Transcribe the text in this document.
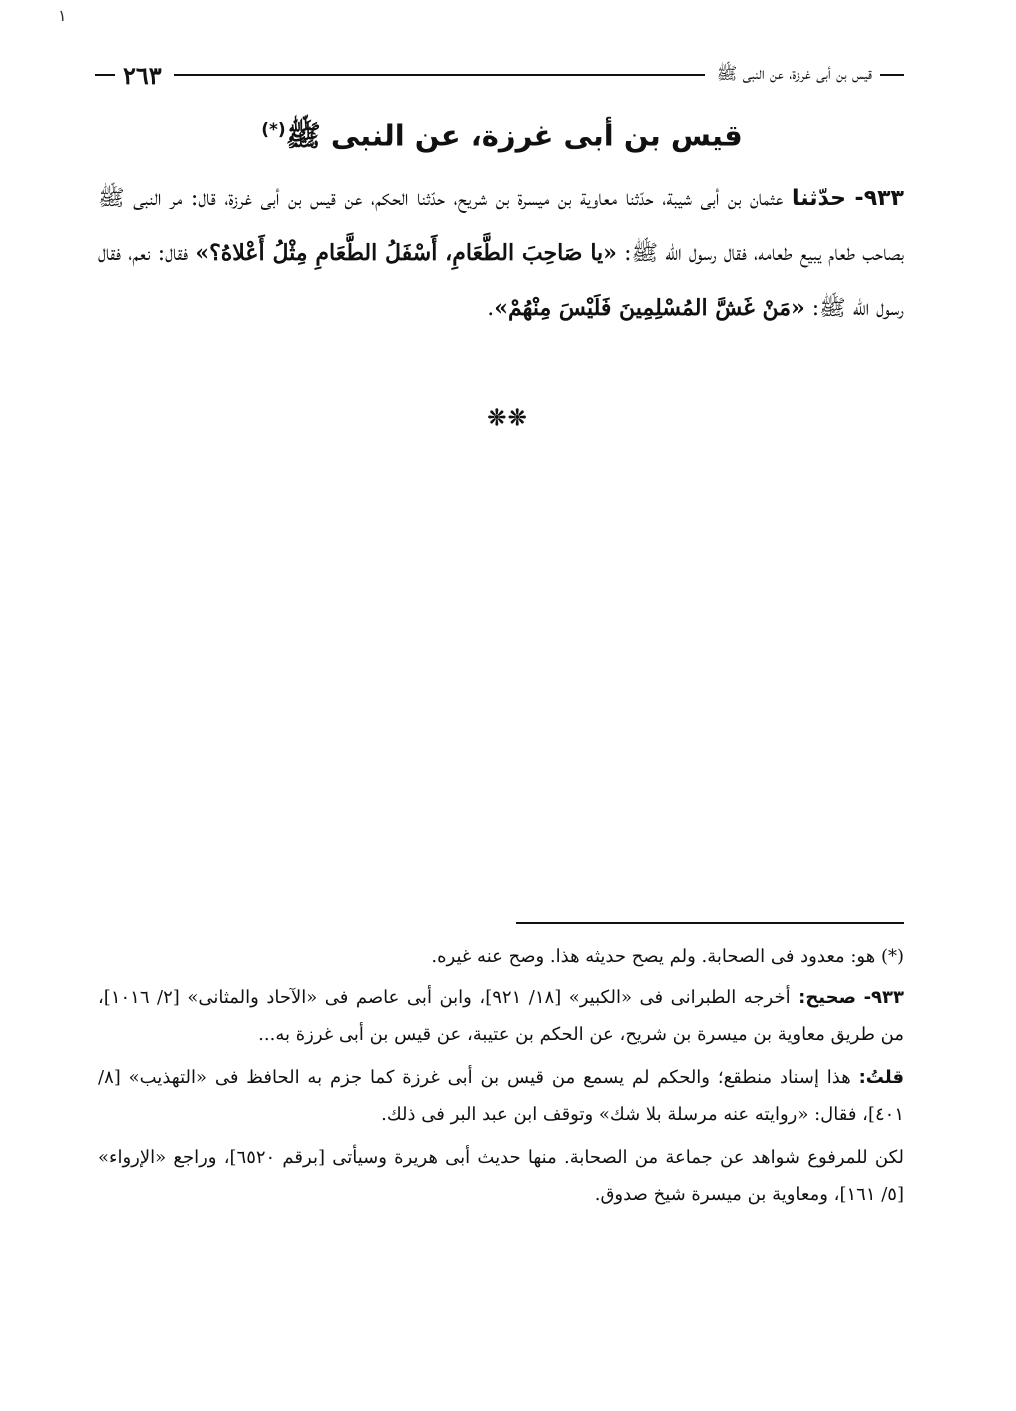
١
قيس بن أبى غرزة، عن النبى ﷺ
٢٦٣
قيس بن أبى غرزة، عن النبى ﷺ(*)
٩٣٣- حدّثنا عثمان بن أبى شيبة، حدّثنا معاوية بن ميسرة بن شريح، حدّثنا الحكم، عن قيس بن أبى غرزة، قال: مر النبى ﷺ بصاحب طعام يبيع طعامه، فقال رسول الله ﷺ: «يا صَاحِبَ الطَّعَامِ، أَسْفَلُ الطَّعَامِ مِثْلُ أَعْلاهُ؟» فقال: نعم، فقال رسول الله ﷺ: «مَنْ غَشَّ المُسْلِمِينَ فَلَيْسَ مِنْهُمْ».
❊❊

(*) هو: معدود فى الصحابة. ولم يصح حديثه هذا. وصح عنه غيره.

٩٣٣- صحيح: أخرجه الطبرانى فى «الكبير» [١٨/ ٩٢١]، وابن أبى عاصم فى «الآحاد والمثانى» [٢/ ١٠١٦]، من طريق معاوية بن ميسرة بن شريح، عن الحكم بن عتيبة، عن قيس بن أبى غرزة به...

قلتُ: هذا إسناد منطقع؛ والحكم لم يسمع من قيس بن أبى غرزة كما جزم به الحافظ فى «التهذيب» [٨/ ٤٠١]، فقال: «روايته عنه مرسلة بلا شك» وتوقف ابن عبد البر فى ذلك.

لكن للمرفوع شواهد عن جماعة من الصحابة. منها حديث أبى هريرة وسيأتى [برقم ٦٥٢٠]، وراجع «الإرواء» [٥/ ١٦١]، ومعاوية بن ميسرة شيخ صدوق.
